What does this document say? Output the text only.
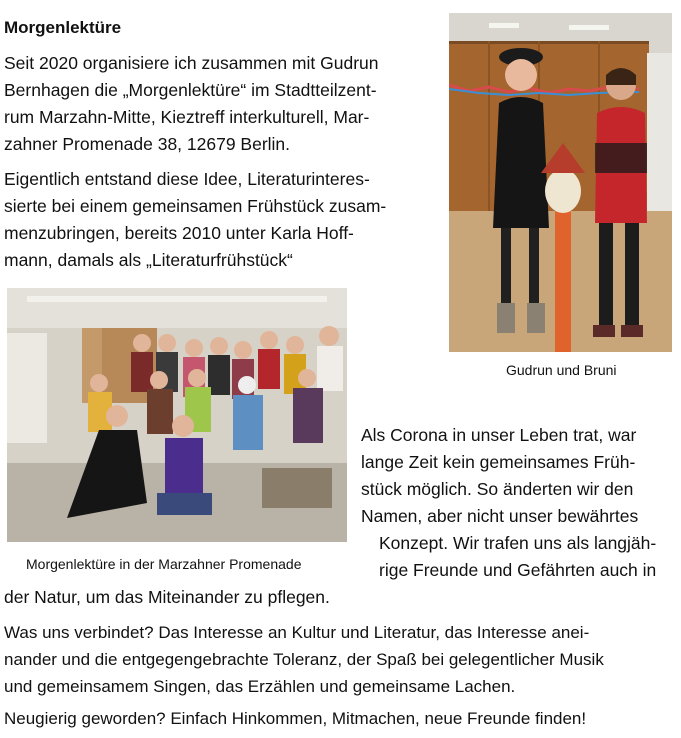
Morgenlektüre
Seit 2020 organisiere ich zusammen mit Gudrun
Bernhagen die „Morgenlektüre“ im Stadtteilzent-
rum Marzahn-Mitte, Kieztreff interkulturell, Mar-
zahner Promenade 38, 12679 Berlin.
Eigentlich entstand diese Idee, Literaturinteres-
sierte bei einem gemeinsamen Frühstück zusam-
menzubringen, bereits 2010 unter Karla Hoff-
mann, damals als „Literaturfrühstück“
Gudrun und Bruni
Morgenlektüre in der Marzahner Promenade
Als Corona in unser Leben trat, war
lange Zeit kein gemeinsames Früh-
stück möglich. So änderten wir den
Namen, aber nicht unser bewährtes
Konzept. Wir trafen uns als langjäh-
rige Freunde und Gefährten auch in
der Natur, um das Miteinander zu pflegen.
Was uns verbindet? Das Interesse an Kultur und Literatur, das Interesse anei-
nander und die entgegengebrachte Toleranz, der Spaß bei gelegentlicher Musik
und gemeinsamem Singen, das Erzählen und gemeinsame Lachen.
Neugierig geworden? Einfach Hinkommen, Mitmachen, neue Freunde finden!
